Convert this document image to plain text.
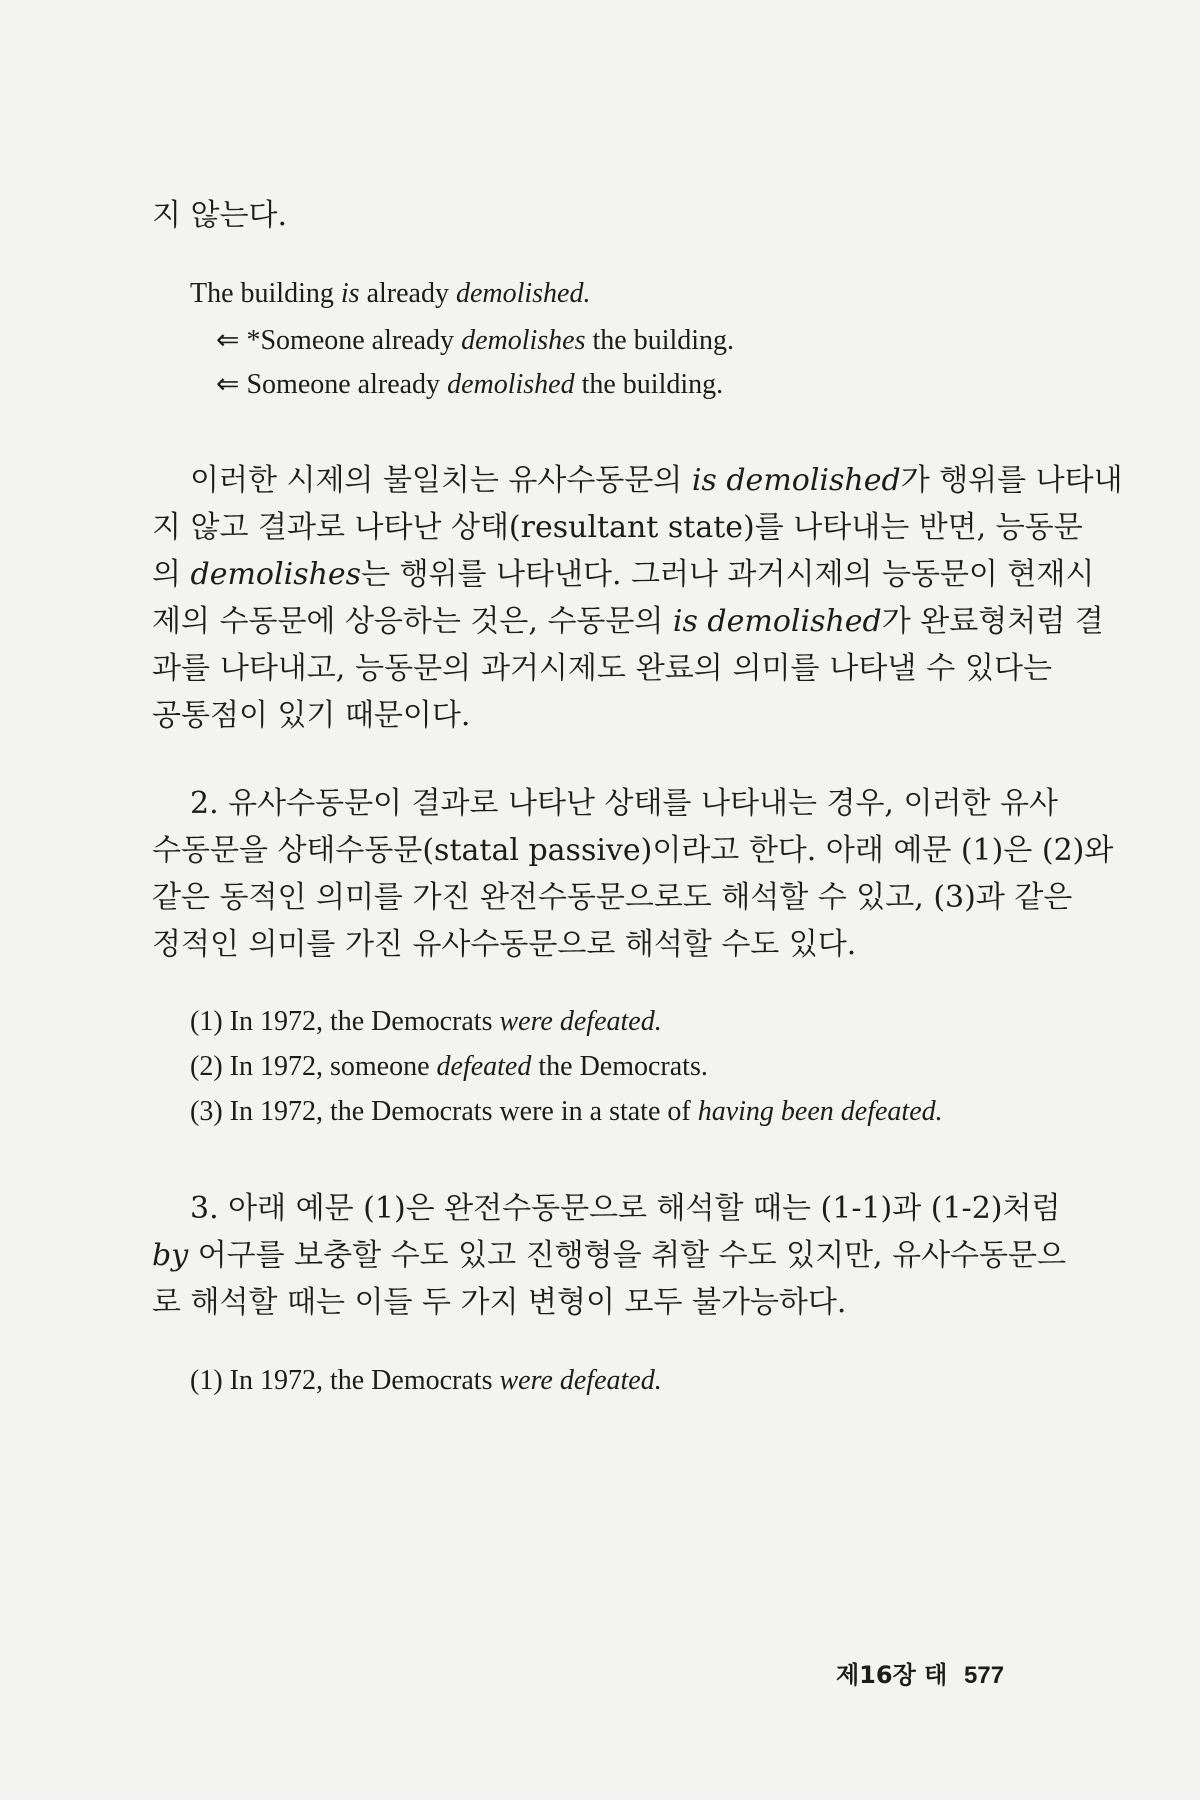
지 않는다.
The building is already demolished.
⇐ *Someone already demolishes the building.
⇐ Someone already demolished the building.
이러한 시제의 불일치는 유사수동문의 is demolished가 행위를 나타내
지 않고 결과로 나타난 상태(resultant state)를 나타내는 반면, 능동문
의 demolishes는 행위를 나타낸다. 그러나 과거시제의 능동문이 현재시
제의 수동문에 상응하는 것은, 수동문의 is demolished가 완료형처럼 결
과를 나타내고, 능동문의 과거시제도 완료의 의미를 나타낼 수 있다는
공통점이 있기 때문이다.
2. 유사수동문이 결과로 나타난 상태를 나타내는 경우, 이러한 유사
수동문을 상태수동문(statal passive)이라고 한다. 아래 예문 (1)은 (2)와
같은 동적인 의미를 가진 완전수동문으로도 해석할 수 있고, (3)과 같은
정적인 의미를 가진 유사수동문으로 해석할 수도 있다.
(1) In 1972, the Democrats were defeated.
(2) In 1972, someone defeated the Democrats.
(3) In 1972, the Democrats were in a state of having been defeated.
3. 아래 예문 (1)은 완전수동문으로 해석할 때는 (1-1)과 (1-2)처럼
by 어구를 보충할 수도 있고 진행형을 취할 수도 있지만, 유사수동문으
로 해석할 때는 이들 두 가지 변형이 모두 불가능하다.
(1) In 1972, the Democrats were defeated.
제16장 태 577
